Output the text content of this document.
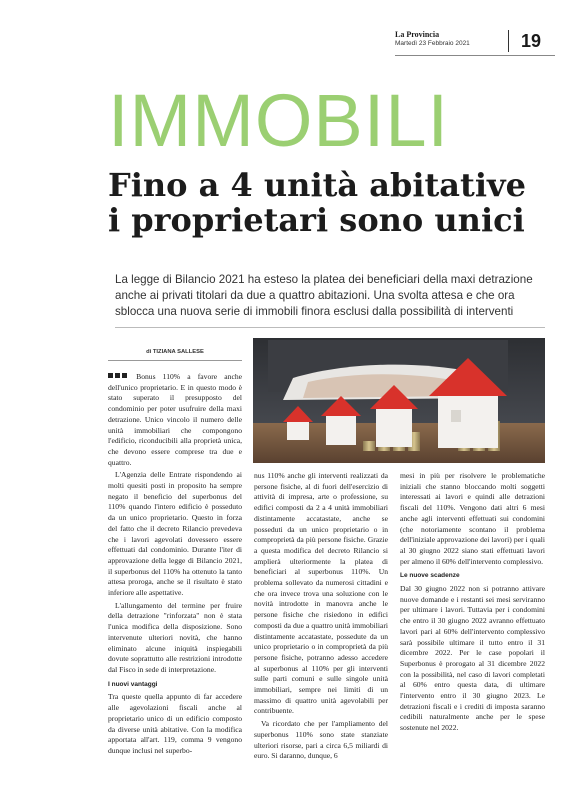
La Provincia
Martedì 23 Febbraio 2021	19
IMMOBILI
Fino a 4 unità abitative
i proprietari sono unici
La legge di Bilancio 2021 ha esteso la platea dei beneficiari della maxi detrazione
anche ai privati titolari da due a quattro abitazioni. Una svolta attesa e che ora
sblocca una nuova serie di immobili finora esclusi dalla possibilità di interventi
di TIZIANA SALLESE

Bonus 110% a favore anche dell'unico proprietario. E in questo modo è stato superato il presupposto del condominio per poter usufruire della maxi detrazione. Unico vincolo il numero delle unità immobiliari che compongono l'edificio, riconducibili alla proprietà unica, che devono essere comprese tra due e quattro.

L'Agenzia delle Entrate rispondendo ai molti quesiti posti in proposito ha sempre negato il beneficio del superbonus del 110% quando l'intero edificio è posseduto da un unico proprietario. Questo in forza del fatto che il decreto Rilancio prevedeva che i lavori agevolati dovessero essere effettuati dal condominio. Durante l'iter di approvazione della legge di Bilancio 2021, il superbonus del 110% ha ottenuto la tanto attesa proroga, anche se il risultato è stato inferiore alle aspettative.

L'allungamento del termine per fruire della detrazione "rinforzata" non è stata l'unica modifica della disposizione. Sono intervenute ulteriori novità, che hanno eliminato alcune iniquità inspiegabili dovute soprattutto alle restrizioni introdotte dal Fisco in sede di interpretazione.

I nuovi vantaggi

Tra queste quella appunto di far accedere alle agevolazioni fiscali anche al proprietario unico di un edificio composto da diverse unità abitative. Con la modifica apportata all'art. 119, comma 9 vengono dunque inclusi nel superbo-

nus 110% anche gli interventi realizzati da persone fisiche, al di fuori dell'esercizio di attività di impresa, arte o professione, su edifici composti da 2 a 4 unità immobiliari distintamente accatastate, anche se posseduti da un unico proprietario o in comproprietà da più persone fisiche. Grazie a questa modifica del decreto Rilancio si amplierà ulteriormente la platea di beneficiari al superbonus 110%. Un problema sollevato da numerosi cittadini e che ora invece trova una soluzione con le novità introdotte in manovra anche le persone fisiche che risiedono in edifici composti da due a quattro unità immobiliari distintamente accatastate, possedute da un unico proprietario o in comproprietà da più persone fisiche, potranno adesso accedere al superbonus al 110% per gli interventi sulle parti comuni e sulle singole unità immobiliari, sempre nei limiti di un massimo di quattro unità agevolabili per contribuente.

Va ricordato che per l'ampliamento del superbonus 110% sono state stanziate ulteriori risorse, pari a circa 6,5 miliardi di euro. Si daranno, dunque, 6

mesi in più per risolvere le problematiche iniziali che stanno bloccando molti soggetti interessati ai lavori e quindi alle detrazioni fiscali del 110%. Vengono dati altri 6 mesi anche agli interventi effettuati sui condomini (che notoriamente scontano il problema dell'iniziale approvazione dei lavori) per i quali al 30 giugno 2022 siano stati effettuati lavori per almeno il 60% dell'intervento complessivo.

Le nuove scadenze

Dal 30 giugno 2022 non si potranno attivare nuove domande e i restanti sei mesi serviranno per ultimare i lavori. Tuttavia per i condomini che entro il 30 giugno 2022 avranno effettuato lavori pari al 60% dell'intervento complessivo sarà possibile ultimare il tutto entro il 31 dicembre 2022. Per le case popolari il Superbonus è prorogato al 31 dicembre 2022 con la possibilità, nel caso di lavori completati al 60% entro questa data, di ultimare l'intervento entro il 30 giugno 2023. Le detrazioni fiscali e i crediti di imposta saranno cedibili naturalmente anche per le spese sostenute nel 2022.
